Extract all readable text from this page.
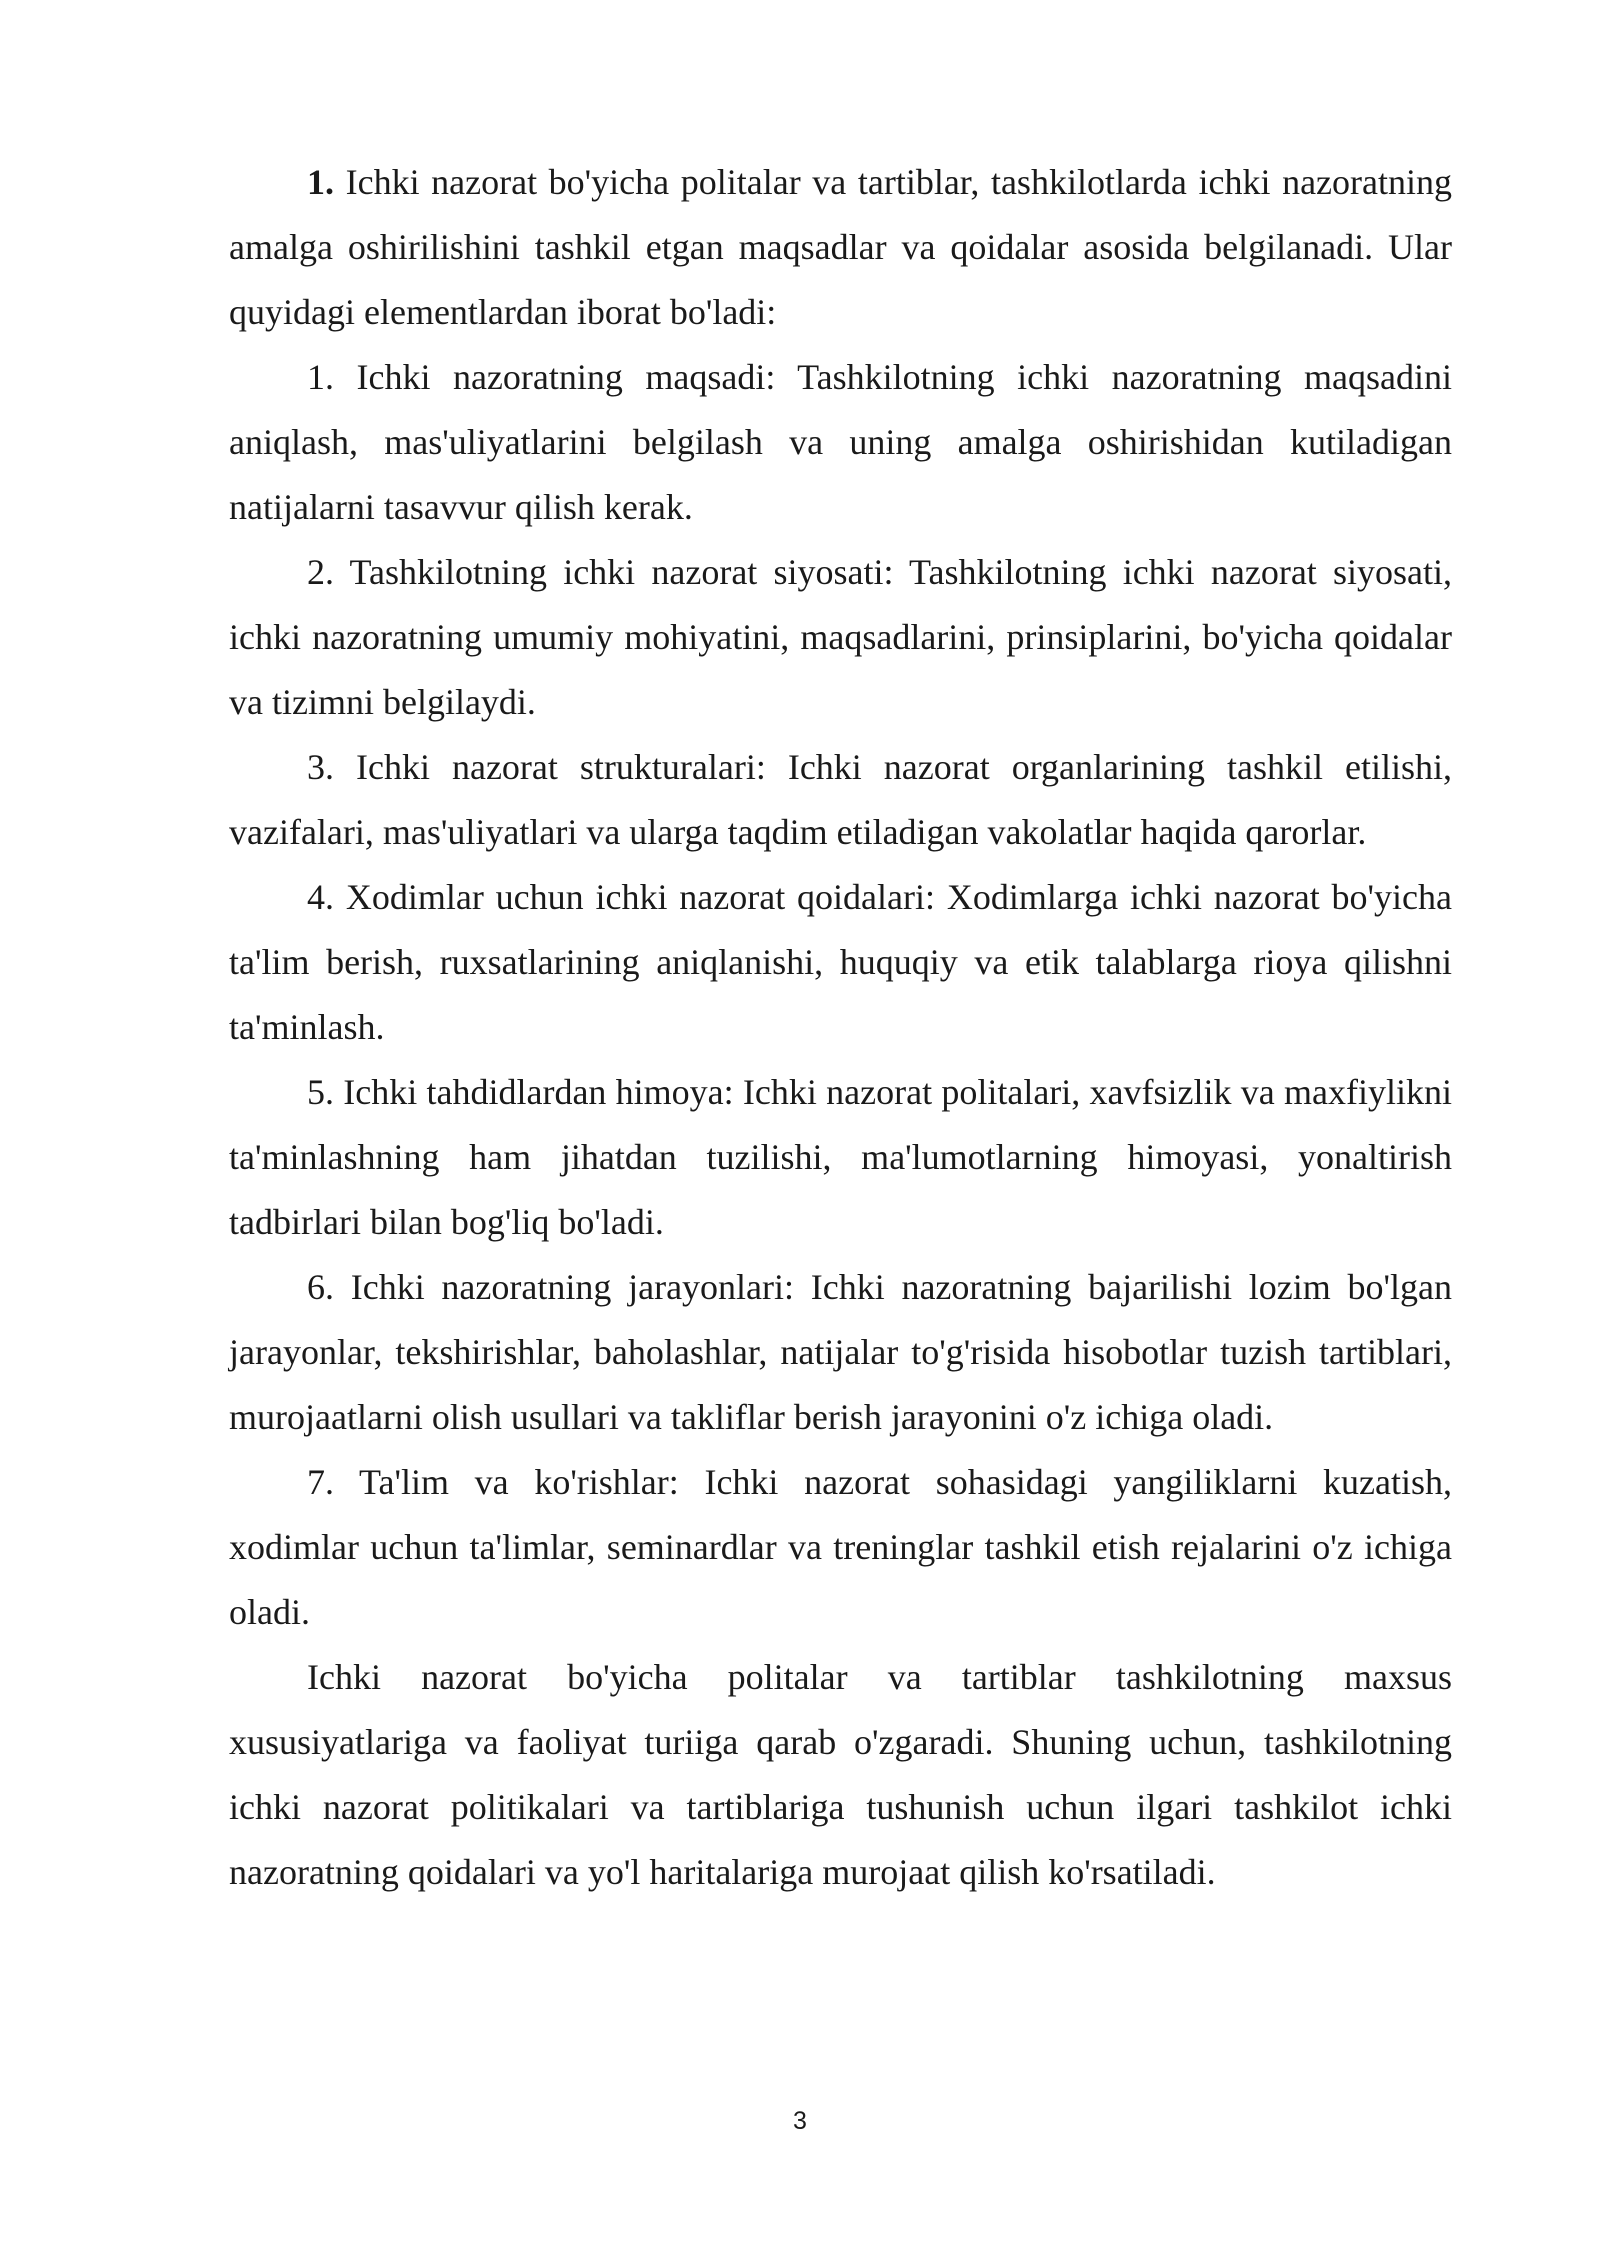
1. Ichki nazorat bo'yicha politalar va tartiblar, tashkilotlarda ichki nazoratning amalga oshirilishini tashkil etgan maqsadlar va qoidalar asosida belgilanadi. Ular quyidagi elementlardan iborat bo'ladi:

1. Ichki nazoratning maqsadi: Tashkilotning ichki nazoratning maqsadini aniqlash, mas'uliyatlarini belgilash va uning amalga oshirishidan kutiladigan natijalarni tasavvur qilish kerak.

2. Tashkilotning ichki nazorat siyosati: Tashkilotning ichki nazorat siyosati, ichki nazoratning umumiy mohiyatini, maqsadlarini, prinsiplarini, bo'yicha qoidalar va tizimni belgilaydi.

3. Ichki nazorat strukturalari: Ichki nazorat organlarining tashkil etilishi, vazifalari, mas'uliyatlari va ularga taqdim etiladigan vakolatlar haqida qarorlar.

4. Xodimlar uchun ichki nazorat qoidalari: Xodimlarga ichki nazorat bo'yicha ta'lim berish, ruxsatlarining aniqlanishi, huquqiy va etik talablarga rioya qilishni ta'minlash.

5. Ichki tahdidlardan himoya: Ichki nazorat politalari, xavfsizlik va maxfiylikni ta'minlashning ham jihatdan tuzilishi, ma'lumotlarning himoyasi, yonaltirish tadbirlari bilan bog'liq bo'ladi.

6. Ichki nazoratning jarayonlari: Ichki nazoratning bajarilishi lozim bo'lgan jarayonlar, tekshirishlar, baholashlar, natijalar to'g'risida hisobotlar tuzish tartiblari, murojaatlarni olish usullari va takliflar berish jarayonini o'z ichiga oladi.

7. Ta'lim va ko'rishlar: Ichki nazorat sohasidagi yangiliklarni kuzatish, xodimlar uchun ta'limlar, seminardlar va treninglar tashkil etish rejalarini o'z ichiga oladi.

Ichki nazorat bo'yicha politalar va tartiblar tashkilotning maxsus xususiyatlariga va faoliyat turiiga qarab o'zgaradi. Shuning uchun, tashkilotning ichki nazorat politikalari va tartiblariga tushunish uchun ilgari tashkilot ichki nazoratning qoidalari va yo'l haritalariga murojaat qilish ko'rsatiladi.

3
